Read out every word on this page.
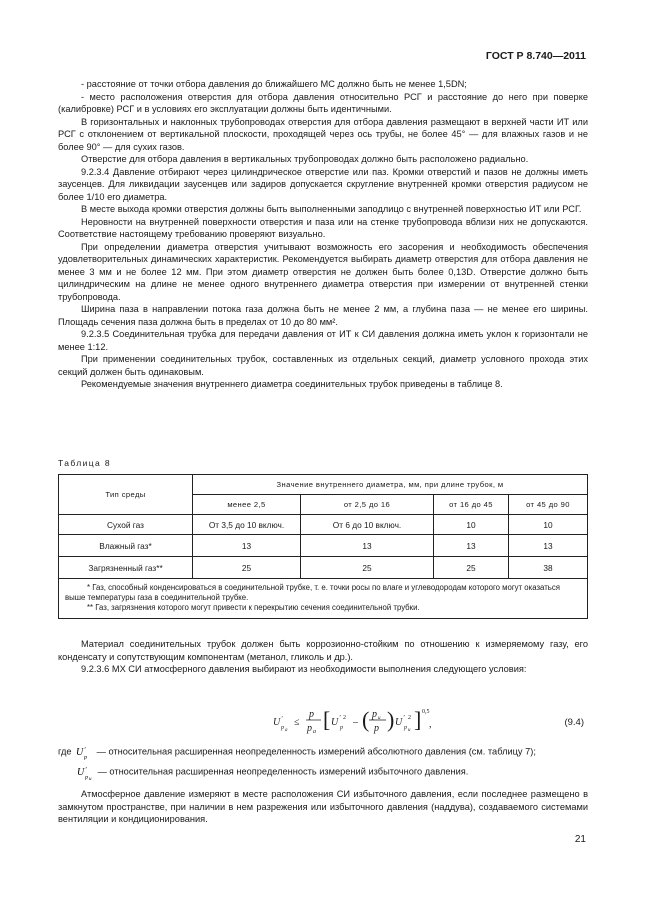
ГОСТ Р 8.740—2011
- расстояние от точки отбора давления до ближайшего МС должно быть не менее 1,5DN;
- место расположения отверстия для отбора давления относительно РСГ и расстояние до него при поверке (калибровке) РСГ и в условиях его эксплуатации должны быть идентичными.
В горизонтальных и наклонных трубопроводах отверстия для отбора давления размещают в верхней части ИТ или РСГ с отклонением от вертикальной плоскости, проходящей через ось трубы, не более 45° — для влажных газов и не более 90° — для сухих газов.
Отверстие для отбора давления в вертикальных трубопроводах должно быть расположено радиально.
9.2.3.4 Давление отбирают через цилиндрическое отверстие или паз. Кромки отверстий и пазов не должны иметь заусенцев. Для ликвидации заусенцев или задиров допускается скругление внутренней кромки отверстия радиусом не более 1/10 его диаметра.
В месте выхода кромки отверстия должны быть выполненными заподлицо с внутренней поверхностью ИТ или РСГ.
Неровности на внутренней поверхности отверстия и паза или на стенке трубопровода вблизи них не допускаются. Соответствие настоящему требованию проверяют визуально.
При определении диаметра отверстия учитывают возможность его засорения и необходимость обеспечения удовлетворительных динамических характеристик. Рекомендуется выбирать диаметр отверстия для отбора давления не менее 3 мм и не более 12 мм. При этом диаметр отверстия не должен быть более 0,13D. Отверстие должно быть цилиндрическим на длине не менее одного внутреннего диаметра отверстия при измерении от внутренней стенки трубопровода.
Ширина паза в направлении потока газа должна быть не менее 2 мм, а глубина паза — не менее его ширины. Площадь сечения паза должна быть в пределах от 10 до 80 мм².
9.2.3.5 Соединительная трубка для передачи давления от ИТ к СИ давления должна иметь уклон к горизонтали не менее 1:12.
При применении соединительных трубок, составленных из отдельных секций, диаметр условного прохода этих секций должен быть одинаковым.
Рекомендуемые значения внутреннего диаметра соединительных трубок приведены в таблице 8.
Таблица 8
Тип среды	Значение внутреннего диаметра, мм, при длине трубок, м			
	менее 2,5	от 2,5 до 16	от 16 до 45	от 45 до 90
Сухой газ	От 3,5 до 10 включ.	От 6 до 10 включ.	10	10
Влажный газ*	13	13	13	13
Загрязненный газ**	25	25	25	38

* Газ, способный конденсироваться в соединительной трубке, т. е. точки росы по влаге и углеводородам которого могут оказаться выше температуры газа в соединительной трубке.
** Газ, загрязнения которого могут привести к перекрытию сечения соединительной трубки.				
Материал соединительных трубок должен быть коррозионно-стойким по отношению к измеряемому газу, его конденсату и сопутствующим компонентам (метанол, гликоль и др.).
9.2.3.6 МХ СИ атмосферного давления выбирают из необходимости выполнения следующего условия:
U ′
p а
≤
p
p а [ U ′
p
2 – ( p и
p ) U ′
p и
2 ] 0,5
,	(9.4)
где U ′
p
— относительная расширенная неопределенность измерений абсолютного давления (см. таблицу 7);
U ′
p и
— относительная расширенная неопределенность измерений избыточного давления.
Атмосферное давление измеряют в месте расположения СИ избыточного давления, если последнее размещено в замкнутом пространстве, при наличии в нем разрежения или избыточного давления (наддува), создаваемого системами вентиляции и кондиционирования.
21
